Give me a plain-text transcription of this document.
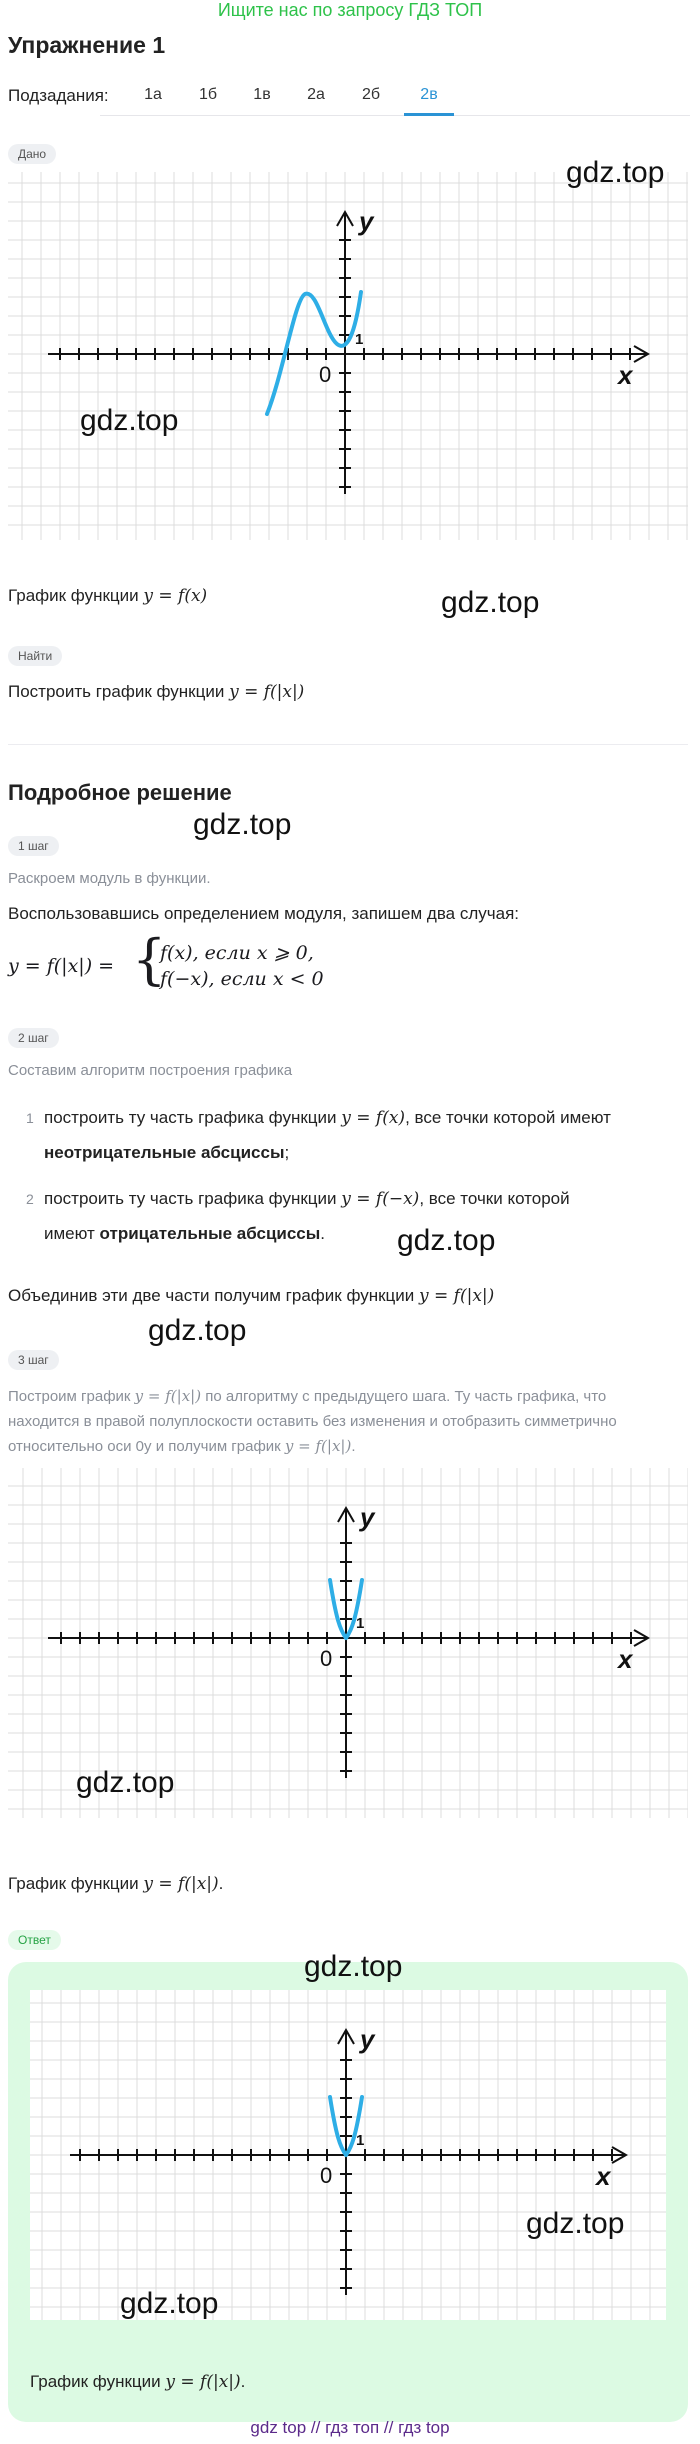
Ищите нас по запросу ГДЗ ТОП
Упражнение 1
Подзадания:	1а	1б	1в	2а	2б	2в
Дано
y
x
0
1
gdz.top
gdz.top
График функции y = f(x)	gdz.top
Найти
Построить график функции y = f(|x|)
Подробное решение
gdz.top
1 шаг
Раскроем модуль в функции.
Воспользовавшись определением модуля, запишем два случая:
y = f(|x|) = {
f(x), если x ⩾ 0,
f(−x), если x < 0
2 шаг
Составим алгоритм построения графика
1 построить ту часть графика функции y = f(x), все точки которой имеют
неотрицательные абсциссы;
2 построить ту часть графика функции y = f(−x), все точки которой
имеют отрицательные абсциссы. gdz.top
Объединив эти две части получим график функции y = f(|x|)
gdz.top
3 шаг
Построим график y = f(|x|) по алгоритму с предыдущего шага. Ту часть графика, что
находится в правой полуплоскости оставить без изменения и отобразить симметрично
относительно оси 0y и получим график y = f(|x|).
y
x
0
1
gdz.top
График функции y = f(|x|).
Ответ
gdz.top
y
x
0
1
gdz.top
gdz.top
График функции y = f(|x|).
gdz top // гдз топ // гдз top
